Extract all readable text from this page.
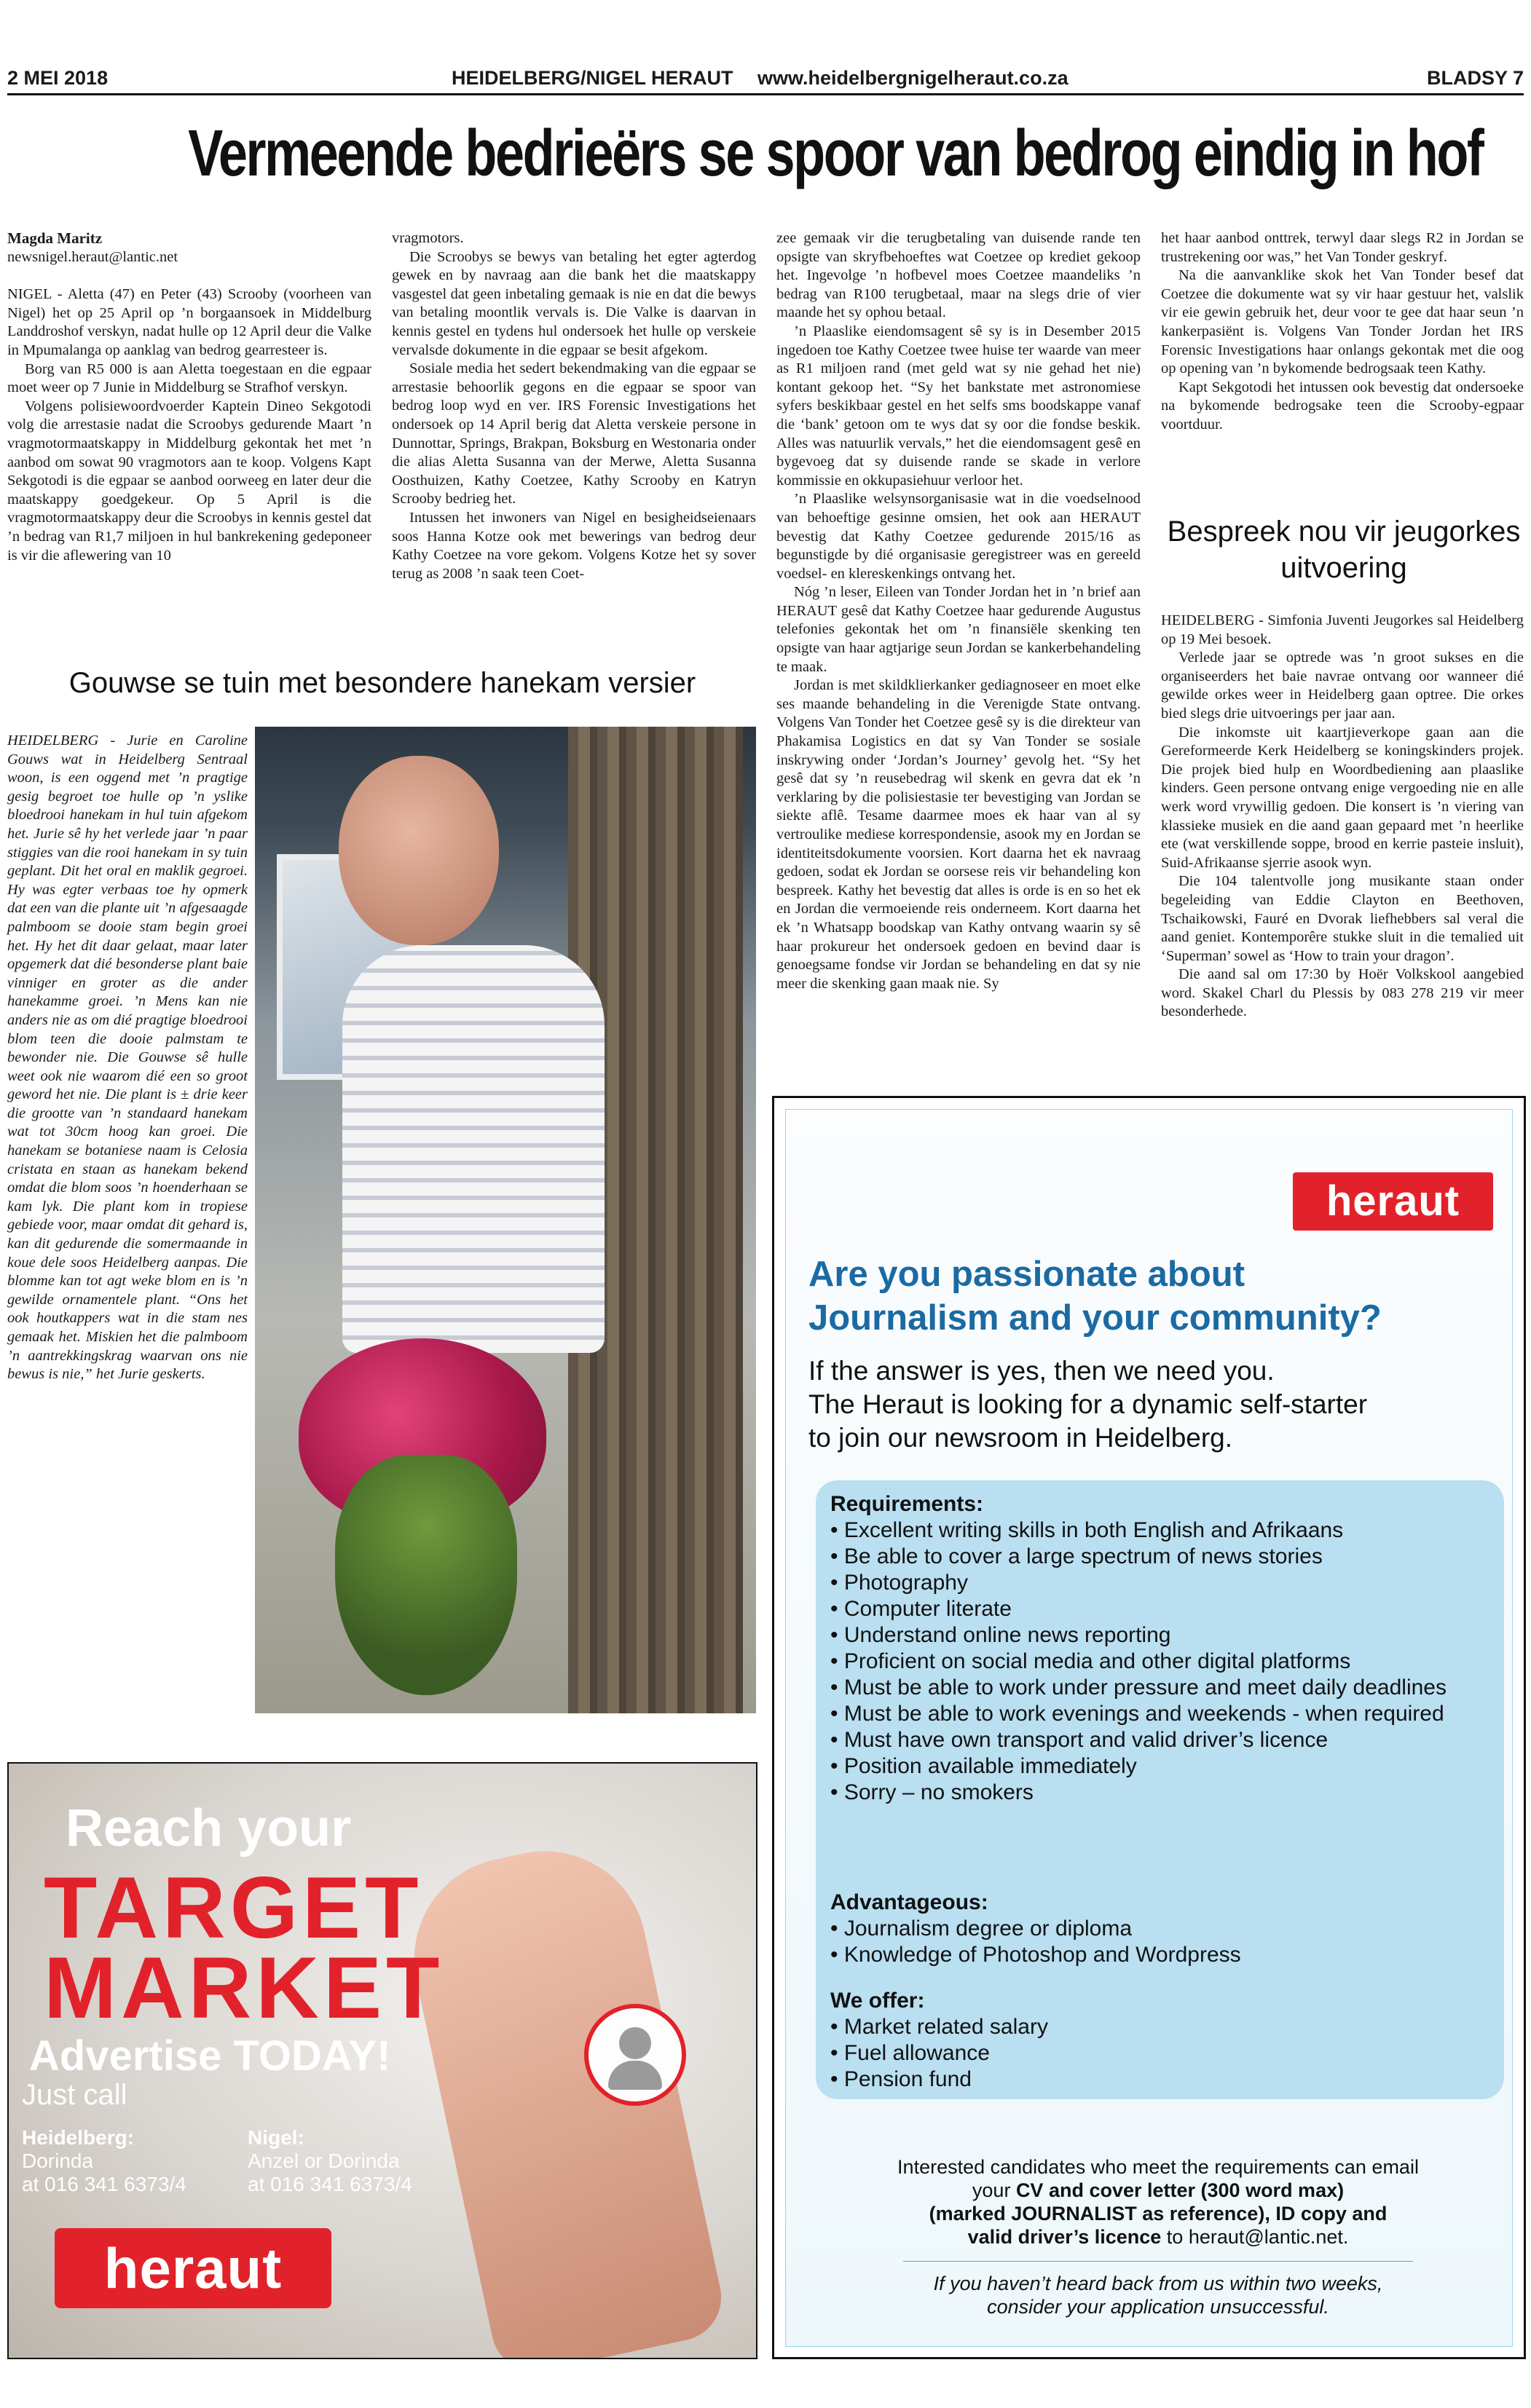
2 MEI 2018	HEIDELBERG/NIGEL HERAUT www.heidelbergnigelheraut.co.za	BLADSY 7
Vermeende bedrieërs se spoor van bedrog eindig in hof
Magda Maritz
newsnigel.heraut@lantic.net

NIGEL - Aletta (47) en Peter (43) Scrooby (voorheen van Nigel) het op 25 April op ’n borgaansoek in Middelburg Landdroshof verskyn, nadat hulle op 12 April deur die Valke in Mpumalanga op aanklag van bedrog gearresteer is.

Borg van R5 000 is aan Aletta toegestaan en die egpaar moet weer op 7 Junie in Middelburg se Strafhof verskyn.

Volgens polisiewoordvoerder Kaptein Dineo Sekgotodi volg die arrestasie nadat die Scroobys gedurende Maart ’n vragmotormaatskappy in Middelburg gekontak het met ’n aanbod om sowat 90 vragmotors aan te koop. Volgens Kapt Sekgotodi is die egpaar se aanbod oorweeg en later deur die maatskappy goedgekeur. Op 5 April is die vragmotormaatskappy deur die Scroobys in kennis gestel dat ’n bedrag van R1,7 miljoen in hul bankrekening gedeponeer is vir die aflewering van 10

vragmotors.

Die Scroobys se bewys van betaling het egter agterdog gewek en by navraag aan die bank het die maatskappy vasgestel dat geen inbetaling gemaak is nie en dat die bewys van betaling moontlik vervals is. Die Valke is daarvan in kennis gestel en tydens hul ondersoek het hulle op verskeie vervalsde dokumente in die egpaar se besit afgekom.

Sosiale media het sedert bekendmaking van die egpaar se arrestasie behoorlik gegons en die egpaar se spoor van bedrog loop wyd en ver. IRS Forensic Investigations het ondersoek op 14 April berig dat Aletta verskeie persone in Dunnottar, Springs, Brakpan, Boksburg en Westonaria onder die alias Aletta Susanna van der Merwe, Aletta Susanna Oosthuizen, Kathy Coetzee, Kathy Scrooby en Katryn Scrooby bedrieg het.

Intussen het inwoners van Nigel en besigheidseienaars soos Hanna Kotze ook met bewerings van bedrog deur Kathy Coetzee na vore gekom. Volgens Kotze het sy sover terug as 2008 ’n saak teen Coet-

zee gemaak vir die terugbetaling van duisende rande ten opsigte van skryfbehoeftes wat Coetzee op krediet gekoop het. Ingevolge ’n hofbevel moes Coetzee maandeliks ’n bedrag van R100 terugbetaal, maar na slegs drie of vier maande het sy ophou betaal.

’n Plaaslike eiendomsagent sê sy is in Desember 2015 ingedoen toe Kathy Coetzee twee huise ter waarde van meer as R1 miljoen rand (met geld wat sy nie gehad het nie) kontant gekoop het. “Sy het bankstate met astronomiese syfers beskikbaar gestel en het selfs sms boodskappe vanaf die ‘bank’ getoon om te wys dat sy oor die fondse beskik. Alles was natuurlik vervals,” het die eiendomsagent gesê en bygevoeg dat sy duisende rande se skade in verlore kommissie en okkupasiehuur verloor het.

’n Plaaslike welsynsorganisasie wat in die voedselnood van behoeftige gesinne omsien, het ook aan HERAUT bevestig dat Kathy Coetzee gedurende 2015/16 as begunstigde by dié organisasie geregistreer was en gereeld voedsel- en klereskenkings ontvang het.

Nóg ’n leser, Eileen van Tonder Jordan het in ’n brief aan HERAUT gesê dat Kathy Coetzee haar gedurende Augustus telefonies gekontak het om ’n finansiële skenking ten opsigte van haar agtjarige seun Jordan se kankerbehandeling te maak.

Jordan is met skildklierkanker gediagnoseer en moet elke ses maande behandeling in die Verenigde State ontvang. Volgens Van Tonder het Coetzee gesê sy is die direkteur van Phakamisa Logistics en dat sy Van Tonder se sosiale inskrywing onder ‘Jordan’s Journey’ gevolg het. “Sy het gesê dat sy ’n reusebedrag wil skenk en gevra dat ek ’n verklaring by die polisiestasie ter bevestiging van Jordan se siekte aflê. Tesame daarmee moes ek haar van al sy vertroulike mediese korrespondensie, asook my en Jordan se identiteitsdokumente voorsien. Kort daarna het ek navraag gedoen, sodat ek Jordan se oorsese reis vir behandeling kon bespreek. Kathy het bevestig dat alles is orde is en so het ek en Jordan die vermoeiende reis onderneem. Kort daarna het ek ’n Whatsapp boodskap van Kathy ontvang waarin sy sê haar prokureur het ondersoek gedoen en bevind daar is genoegsame fondse vir Jordan se behandeling en dat sy nie meer die skenking gaan maak nie. Sy

het haar aanbod onttrek, terwyl daar slegs R2 in Jordan se trustrekening oor was,” het Van Tonder geskryf.

Na die aanvanklike skok het Van Tonder besef dat Coetzee die dokumente wat sy vir haar gestuur het, valslik vir eie gewin gebruik het, deur voor te gee dat haar seun ’n kankerpasiënt is. Volgens Van Tonder Jordan het IRS Forensic Investigations haar onlangs gekontak met die oog op opening van ’n bykomende bedrogsaak teen Kathy.

Kapt Sekgotodi het intussen ook bevestig dat ondersoeke na bykomende bedrogsake teen die Scrooby-egpaar voortduur.

Bespreek nou vir jeugorkes uitvoering

HEIDELBERG - Simfonia Juventi Jeugorkes sal Heidelberg op 19 Mei besoek.

Verlede jaar se optrede was ’n groot sukses en die organiseerders het baie navrae ontvang oor wanneer dié gewilde orkes weer in Heidelberg gaan optree. Die orkes bied slegs drie uitvoerings per jaar aan.

Die inkomste uit kaartjieverkope gaan aan die Gereformeerde Kerk Heidelberg se koningskinders projek. Die projek bied hulp en Woordbediening aan plaaslike kinders. Geen persone ontvang enige vergoeding nie en alle werk word vrywillig gedoen. Die konsert is ’n viering van klassieke musiek en die aand gaan gepaard met ’n heerlike ete (wat verskillende soppe, brood en kerrie pasteie insluit), Suid-Afrikaanse sjerrie asook wyn.

Die 104 talentvolle jong musikante staan onder begeleiding van Eddie Clayton en Beethoven, Tschaikowski, Fauré en Dvorak liefhebbers sal veral die aand geniet. Kontemporêre stukke sluit in die temalied uit ‘Superman’ sowel as ‘How to train your dragon’.

Die aand sal om 17:30 by Hoër Volkskool aangebied word. Skakel Charl du Plessis by 083 278 219 vir meer besonderhede.

Gouwse se tuin met besondere hanekam versier
HEIDELBERG - Jurie en Caroline Gouws wat in Heidelberg Sentraal woon, is een oggend met ’n pragtige gesig begroet toe hulle op ’n yslike bloedrooi hanekam in hul tuin afgekom het. Jurie sê hy het verlede jaar ’n paar stiggies van die rooi hanekam in sy tuin geplant. Dit het oral en maklik gegroei. Hy was egter verbaas toe hy opmerk dat een van die plante uit ’n afgesaagde palmboom se dooie stam begin groei het. Hy het dit daar gelaat, maar later opgemerk dat dié besonderse plant baie vinniger en groter as die ander hanekamme groei. ’n Mens kan nie anders nie as om dié pragtige bloedrooi blom teen die dooie palmstam te bewonder nie. Die Gouwse sê hulle weet ook nie waarom dié een so groot geword het nie. Die plant is ± drie keer die grootte van ’n standaard hanekam wat tot 30cm hoog kan groei. Die hanekam se botaniese naam is Celosia cristata en staan as hanekam bekend omdat die blom soos ’n hoenderhaan se kam lyk. Die plant kom in tropiese gebiede voor, maar omdat dit gehard is, kan dit gedurende die somermaande in koue dele soos Heidelberg aanpas. Die blomme kan tot agt weke blom en is ’n gewilde ornamentele plant. “Ons het ook houtkappers wat in die stam nes gemaak het. Miskien het die palmboom ’n aantrekkingskrag waarvan ons nie bewus is nie,” het Jurie geskerts.
Reach your
TARGET
MARKET
Advertise TODAY!
Just call
Heidelberg:
Dorinda
at 016 341 6373/4
Nigel:
Anzel or Dorinda
at 016 341 6373/4
heraut
heraut
Are you passionate about
Journalism and your community?
If the answer is yes, then we need you.
The Heraut is looking for a dynamic self-starter
to join our newsroom in Heidelberg.
Requirements:
• Excellent writing skills in both English and Afrikaans
• Be able to cover a large spectrum of news stories
• Photography
• Computer literate
• Understand online news reporting
• Proficient on social media and other digital platforms
• Must be able to work under pressure and meet daily deadlines
• Must be able to work evenings and weekends - when required
• Must have own transport and valid driver’s licence
• Position available immediately
• Sorry – no smokers
Advantageous:
• Journalism degree or diploma
• Knowledge of Photoshop and Wordpress
We offer:
• Market related salary
• Fuel allowance
• Pension fund
Interested candidates who meet the requirements can email
your CV and cover letter (300 word max)
(marked JOURNALIST as reference), ID copy and
valid driver’s licence to heraut@lantic.net.
If you haven’t heard back from us within two weeks,
consider your application unsuccessful.
